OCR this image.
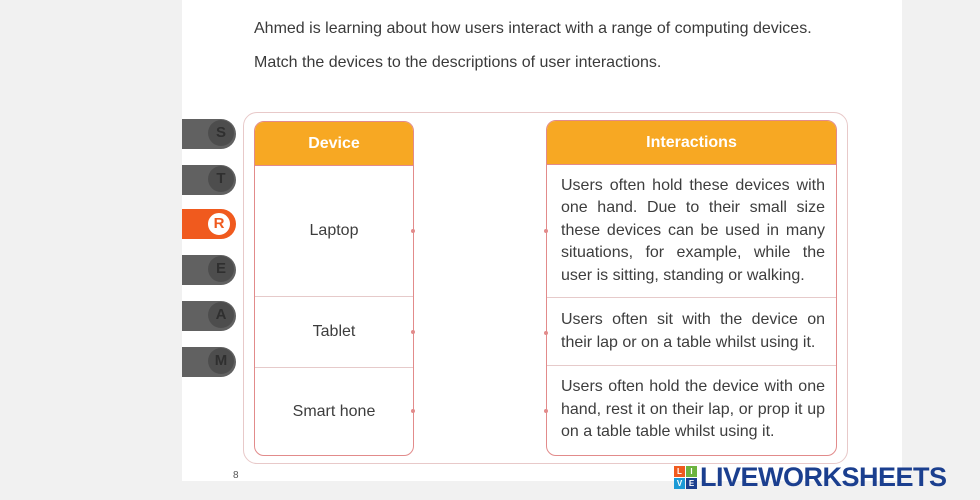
Ahmed is learning about how users interact with a range of computing devices.
Match the devices to the descriptions of user interactions.
S
T
R
E
A
M
Device
Laptop
Tablet
Smart hone
Interactions
Users often hold these devices with one hand. Due to their small size these devices can be used in many situations, for example, while the user is sitting, standing or walking.
Users often sit with the device on their lap or on a table whilst using it.
Users often hold the device with one hand, rest it on their lap, or prop it up on a table table whilst using it.
8	L	I
V E LIVEWORKSHEETS
